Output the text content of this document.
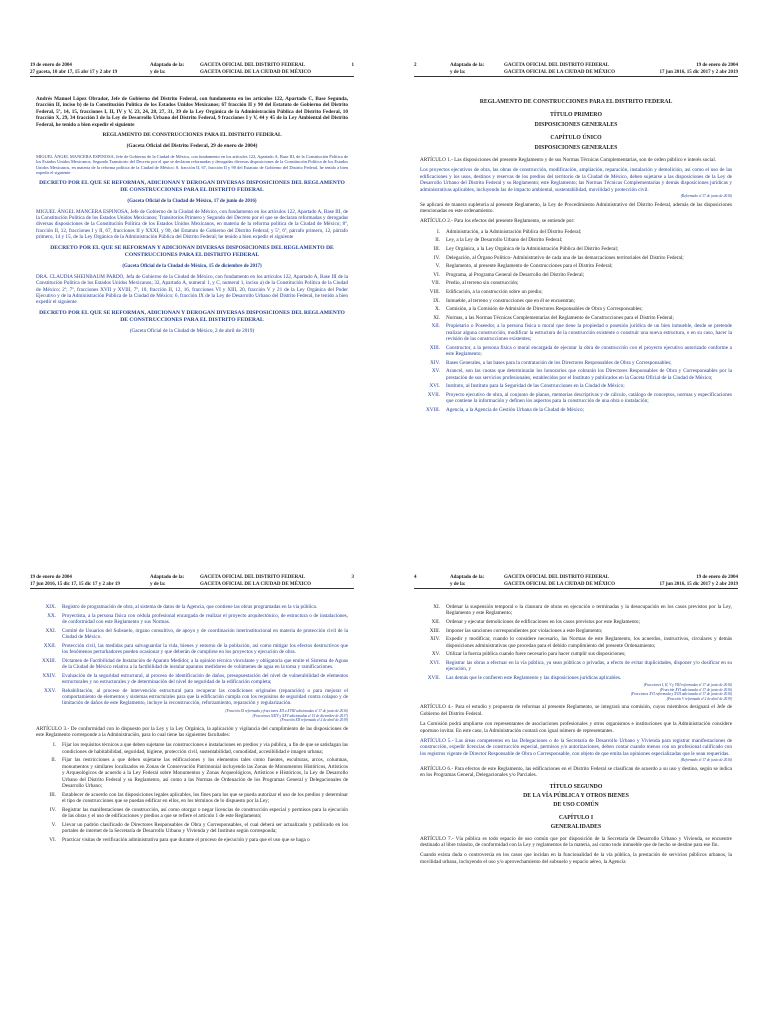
19 de enero de 2004
27 gaceta, 10 abr 17, 15 abr 17 y 2 abr 19
Adaptado de la:
y de la:
GACETA OFICIAL DEL DISTRITO FEDERAL
GACETA OFICIAL DE LA CIUDAD DE MÉXICO
1

Andrés Manuel López Obrador, Jefe de Gobierno del Distrito Federal, con fundamento en los artículos 122, Apartado C, Base Segunda, fracción II, inciso b) de la Constitución Política de los Estados Unidos Mexicanos; 67 fracción II y 90 del Estatuto de Gobierno del Distrito Federal, 5º, 14, 15, fracciones I, II, IV y V, 23, 24, 28, 27, 31, 39 de la Ley Orgánica de la Administración Pública del Distrito Federal, 10 fracción X, 29, 34 fracción I de la Ley de Desarrollo Urbano del Distrito Federal, 9 fracciones I y V, 44 y 45 de la Ley Ambiental del Distrito Federal, he tenido a bien expedir el siguiente

REGLAMENTO DE CONSTRUCCIONES PARA EL DISTRITO FEDERAL

(Gaceta Oficial del Distrito Federal, 29 de enero de 2004)

MIGUEL ÁNGEL MANCERA ESPINOSA, Jefe de Gobierno de la Ciudad de México, con fundamento en los artículos 122, Apartado A, Base III, de la Constitución Política de los Estados Unidos Mexicanos; Segundo Transitorio del Decreto por el que se declaran reformadas y derogadas diversas disposiciones de la Constitución Política de los Estados Unidos Mexicanos, en materia de la reforma política de la Ciudad de México; 8, fracción II, 67, fracción II y 90 del Estatuto de Gobierno del Distrito Federal, he tenido a bien expedir el siguiente

DECRETO POR EL QUE SE REFORMAN, ADICIONAN Y DEROGAN DIVERSAS DISPOSICIONES DEL REGLAMENTO DE CONSTRUCCIONES PARA EL DISTRITO FEDERAL

(Gaceta Oficial de la Ciudad de México, 17 de junio de 2016)

MIGUEL ÁNGEL MANCERA ESPINOSA, Jefe de Gobierno de la Ciudad de México, con fundamento en los artículos 122, Apartado A, Base III, de la Constitución Política de los Estados Unidos Mexicanos; Transitorios Primero y Segundo del Decreto por el que se declaran reformadas y derogadas diversas disposiciones de la Constitución Política de los Estados Unidos Mexicanos, en materia de la reforma política de la Ciudad de México; 8º, fracción II, 12, fracciones I y II, 67, fracciones II y XXXI, y 90, del Estatuto de Gobierno del Distrito Federal; y 5º, 6º, párrafo primero, 12, párrafo primero, 14 y 15, de la Ley Orgánica de la Administración Pública del Distrito Federal; he tenido a bien expedir el siguiente

DECRETO POR EL QUE SE REFORMAN Y ADICIONAN DIVERSAS DISPOSICIONES DEL REGLAMENTO DE CONSTRUCCIONES PARA EL DISTRITO FEDERAL

(Gaceta Oficial de la Ciudad de México, 15 de diciembre de 2017)

DRA. CLAUDIA SHEINBAUM PARDO, Jefa de Gobierno de la Ciudad de México, con fundamento en los artículos 122, Apartado A, Base III de la Constitución Política de los Estados Unidos Mexicanos; 32, Apartado A, numeral 1, y C, numeral 1, inciso a) de la Constitución Política de la Ciudad de México; 2º, 7º, fracciones XVII y XVIII, 7º, 10, fracción II, 12, 16, fracciones VI y XIII, 20, fracción V y 21 de la Ley Orgánica del Poder Ejecutivo y de la Administración Pública de la Ciudad de México; 6, fracción IX de la Ley de Desarrollo Urbano del Distrito Federal, he tenido a bien expedir el siguiente

DECRETO POR EL QUE SE REFORMAN, ADICIONAN Y DEROGAN DIVERSAS DISPOSICIONES DEL REGLAMENTO DE CONSTRUCCIONES PARA EL DISTRITO FEDERAL

(Gaceta Oficial de la Ciudad de México, 2 de abril de 2019)

2	Adaptado de la:
y de la:
GACETA OFICIAL DEL DISTRITO FEDERAL
GACETA OFICIAL DE LA CIUDAD DE MÉXICO
19 de enero de 2004
17 jun 2016, 15 dic 2017 y 2 abr 2019

REGLAMENTO DE CONSTRUCCIONES PARA EL DISTRITO FEDERAL

TÍTULO PRIMERO

DISPOSICIONES GENERALES

CAPÍTULO ÚNICO

DISPOSICIONES GENERALES

ARTÍCULO 1.- Las disposiciones del presente Reglamento y de sus Normas Técnicas Complementarias, son de orden público e interés social.

Los proyectos ejecutivos de obra, las obras de construcción, modificación, ampliación, reparación, instalación y demolición, así como el uso de las edificaciones y los usos, destinos y reservas de los predios del territorio de la Ciudad de México, deben sujetarse a las disposiciones de la Ley de Desarrollo Urbano del Distrito Federal y su Reglamento; este Reglamento; las Normas Técnicas Complementarias y demás disposiciones jurídicas y administrativas aplicables, incluyendo las de impacto ambiental, sustentabilidad, movilidad y protección civil.

(Reformado el 17 de junio de 2016)

Se aplicará de manera supletoria al presente Reglamento, la Ley de Procedimiento Administrativo del Distrito Federal, además de las disposiciones mencionadas en este ordenamiento.

ARTÍCULO 2.- Para los efectos del presente Reglamento, se entiende por:

I.	Administración, a la Administración Pública del Distrito Federal;
II.	Ley, a la Ley de Desarrollo Urbano del Distrito Federal;
III.	Ley Orgánica, a la Ley Orgánica de la Administración Pública del Distrito Federal;
IV.	Delegación, al Órgano Político- Administrativo de cada una de las demarcaciones territoriales del Distrito Federal;
V.	Reglamento, al presente Reglamento de Construcciones para el Distrito Federal;
VI.	Programa, al Programa General de Desarrollo del Distrito Federal;
VII.	Predio, al terreno sin construcción;
VIII.	Edificación, a la construcción sobre un predio;
IX.	Inmueble, al terreno y construcciones que en él se encuentran;
X.	Comisión, a la Comisión de Admisión de Directores Responsables de Obra y Corresponsables;
XI.	Normas, a las Normas Técnicas Complementarias del Reglamento de Construcciones para el Distrito Federal;
XII.	Propietario o Poseedor, a la persona física o moral que tiene la propiedad o posesión jurídica de un bien inmueble, desde se pretende realizar alguna construcción, modificar la estructura de la construcción existente o construir una nueva estructura, o en su caso, hacer la revisión de las construcciones existentes;
XIII.	Constructor, a la persona física o moral encargada de ejecutar la obra de construcción con el proyecto ejecutivo autorizado conforme a este Reglamento;
XIV.	Bases Generales, a las bases para la contratación de los Directores Responsables de Obra y Corresponsables;
XV.	Arancel, son las cuotas que determinarán los honorarios que cobrarán los Directores Responsables de Obra y Corresponsables por la prestación de sus servicios profesionales, establecidos por el Instituto y publicados en la Gaceta Oficial de la Ciudad de México;
XVI.	Instituto, al Instituto para la Seguridad de las Construcciones en la Ciudad de México;
XVII.	Proyecto ejecutivo de obra, al conjunto de planos, memorias descriptivas y de cálculo, catálogo de conceptos, normas y especificaciones que contiene la información y definen los aspectos para la construcción de una obra o instalación;
XVIII.	Agencia, a la Agencia de Gestión Urbana de la Ciudad de México;
19 de enero de 2004
17 jun 2016, 15 dic 17, 15 dic 17 y 2 abr 19
Adaptado de la:
y de la:
GACETA OFICIAL DEL DISTRITO FEDERAL
GACETA OFICIAL DE LA CIUDAD DE MÉXICO
3
XIX.	Registro de programación de obra, al sistema de datos de la Agencia, que contiene las obras programadas en la vía pública.
XX.	Proyectista, a la persona física con cédula profesional encargada de realizar el proyecto arquitectónico, de estructura o de instalaciones, de conformidad con este Reglamento y sus Normas.
XXI.	Comité de Usuarios del Subsuelo, órgano consultivo, de apoyo y de coordinación interinstitucional en materia de protección civil de la Ciudad de México.
XXII.	Protección civil, las medidas para salvaguardar la vida, bienes y entorno de la población, así como mitigar los efectos destructivos que los fenómenos perturbadores pueden ocasionar y que deberán de cumplirse en los proyectos y ejecución de obra.
XXIII.	Dictamen de Factibilidad de Instalación de Aparato Medidor, a la opinión técnica vinculante y obligatoria que emite el Sistema de Aguas de la Ciudad de México relativa a la factibilidad de instalar aparatos medidores de volúmenes de agua en la toma y ramificaciones.
XXIV.	Evaluación de la seguridad estructural, al proceso de identificación de daños, presupuestación del nivel de vulnerabilidad de elementos estructurales y no estructurales y de determinación del nivel de seguridad de la edificación completa;
XXV.	Rehabilitación, al proceso de intervención estructural para recuperar las condiciones originales (reparación) o para mejorar el comportamiento de elementos y sistemas estructurales para que la edificación cumpla con los requisitos de seguridad contra colapso y de limitación de daños de este Reglamento, incluye la reconstrucción, reforzamiento, reparación y regularización.

(Fracción XI reformada y fracciones XII a XVIII adicionadas el 17 de junio de 2016)

(Fracciones XXIV y XXV adicionadas el 15 de diciembre de 2017)

(Fracción XII reformada el 2 de abril de 2019)

ARTÍCULO 3.- De conformidad con lo dispuesto por la Ley y la Ley Orgánica, la aplicación y vigilancia del cumplimiento de las disposiciones de este Reglamento corresponde a la Administración, para lo cual tiene las siguientes facultades:

I.	Fijar los requisitos técnicos a que deben sujetarse las construcciones e instalaciones en predios y vía pública, a fin de que se satisfagan las condiciones de habitabilidad, seguridad, higiene, protección civil, sustentabilidad, comodidad, accesibilidad e imagen urbana;
II.	Fijar las restricciones a que deben sujetarse las edificaciones y los elementos tales como fuentes, esculturas, arcos, columnas, monumentos y similares localizados en Zonas de Conservación Patrimonial incluyendo las Zonas de Monumentos Históricos, Artísticos y Arqueológicos de acuerdo a la Ley Federal sobre Monumentos y Zonas Arqueológicos, Artísticos e Históricos, la Ley de Desarrollo Urbano del Distrito Federal y su Reglamento, así como a las Normas de Ordenación de los Programas General y Delegacionales de Desarrollo Urbano;
III.	Establecer de acuerdo con las disposiciones legales aplicables, los fines para los que se pueda autorizar el uso de los predios y determinar el tipo de construcciones que se puedan edificar en ellos, en los términos de lo dispuesto por la Ley;
IV.	Registrar las manifestaciones de construcción, así como otorgar o negar licencias de construcción especial y permisos para la ejecución de las obras y el uso de edificaciones y predios a que se refiere el artículo 1 de este Reglamento;
V.	Llevar un padrón clasificado de Directores Responsables de Obra y Corresponsables, el cual deberá ser actualizado y publicado en los portales de internet de la Secretaría de Desarrollo Urbano y Vivienda y del Instituto según corresponda;
VI.	Practicar visitas de verificación administrativa para que durante el proceso de ejecución y para que el uso que se haga o
4	Adaptado de la:
y de la:
GACETA OFICIAL DEL DISTRITO FEDERAL
GACETA OFICIAL DE LA CIUDAD DE MÉXICO
19 de enero de 2004
17 jun 2016, 15 dic 2017 y 2 abr 2019
XI.	Ordenar la suspensión temporal o la clausura de obras en ejecución o terminadas y la desocupación en los casos previstos por la Ley, Reglamento y este Reglamento;
XII.	Ordenar y ejecutar demoliciones de edificaciones en los casos previstos por este Reglamento;
XIII.	Imponer las sanciones correspondientes por violaciones a este Reglamento;
XIV.	Expedir y modificar, cuando lo considere necesario, las Normas de este Reglamento, los acuerdos, instructivos, circulares y demás disposiciones administrativas que procedan para el debido cumplimiento del presente Ordenamiento;
XV.	Utilizar la fuerza pública cuando fuere necesario para hacer cumplir sus disposiciones;
XVI.	Registrar las obras a efectuar en la vía pública, ya sean públicas o privadas, a efecto de evitar duplicidades, disponer y/o dosificar en su ejecución, y
XVII.	Las demás que le confieren este Reglamento y las disposiciones jurídicas aplicables.

(Fracciones I, II, V y VIII reformadas el 17 de junio de 2016)

(Fracción XVI adicionada el 17 de junio de 2016)

(Fracciones XVI reformada y XVII adicionada el 17 de junio de 2016)

(Fracción V reformada el 2 de abril de 2019)

ARTÍCULO 4.- Para el estudio y propuesta de reformas al presente Reglamento, se integrará una comisión, cuyos miembros designará el Jefe de Gobierno del Distrito Federal.

La Comisión podrá ampliarse con representantes de asociaciones profesionales y otros organismos e instituciones que la Administración considere oportuno invitar. En este caso, la Administración contará con igual número de representantes.

ARTÍCULO 5.- Las áreas competentes en las Delegaciones o de la Secretaría de Desarrollo Urbano y Vivienda para registrar manifestaciones de construcción, expedir licencias de construcción especial, permisos y/o autorizaciones, deben contar cuando menos con un profesional calificado con los registros vigente de Director Responsable de Obra o Corresponsable, con objeto de que emita las opiniones especializadas que le sean requeridas.

(Reformado el 17 de junio de 2016)

ARTÍCULO 6.- Para efectos de este Reglamento, las edificaciones en el Distrito Federal se clasifican de acuerdo a su uso y destino, según se indica en los Programas General, Delegacionales y/o Parciales.

TÍTULO SEGUNDO

DE LA VÍA PÚBLICA Y OTROS BIENES

DE USO COMÚN

CAPÍTULO I

GENERALIDADES

ARTÍCULO 7.- Vía pública es todo espacio de uso común que por disposición de la Secretaría de Desarrollo Urbano y Vivienda, se encuentre destinado al libre tránsito, de conformidad con la Ley y reglamentos de la materia, así como todo inmueble que de hecho se destine para ese fin.

Cuando exista duda o controversia en los casos que incidan en la funcionalidad de la vía pública, la prestación de servicios públicos urbanos, la movilidad urbana, incluyendo el uso y/o aprovechamiento del subsuelo y espacio aéreo, la Agencia
